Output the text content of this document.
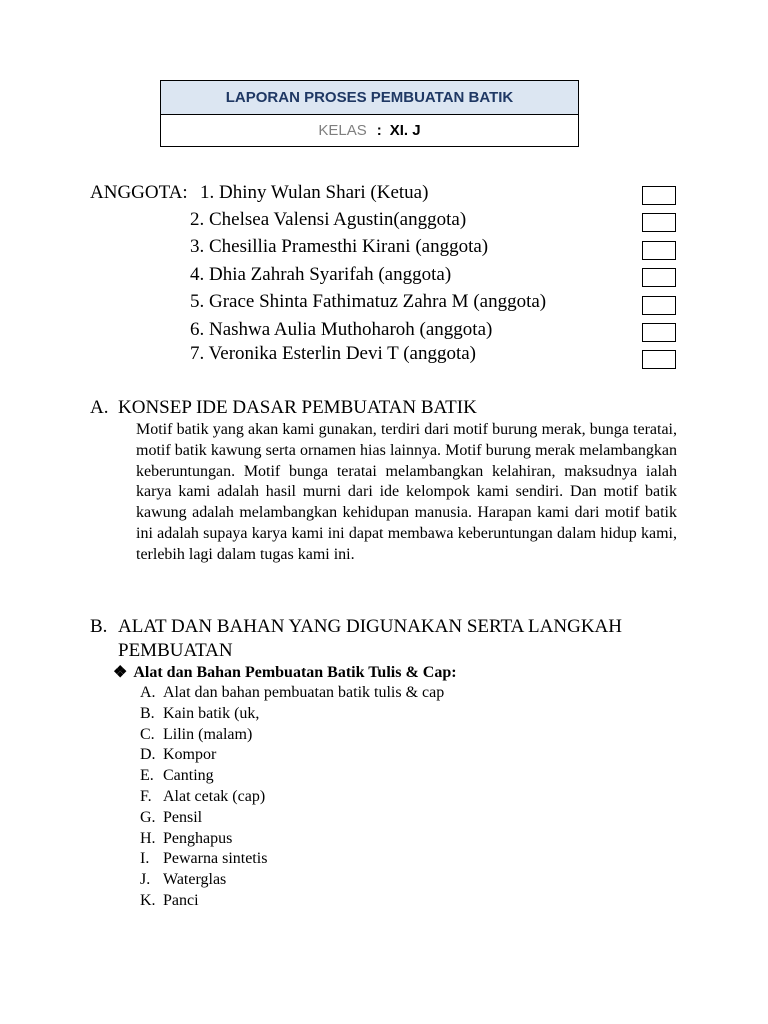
LAPORAN PROSES PEMBUATAN BATIK
KELAS : XI. J
ANGGOTA: 1. Dhiny Wulan Shari (Ketua)
2. Chelsea Valensi Agustin(anggota)
3. Chesillia Pramesthi Kirani (anggota)
4. Dhia Zahrah Syarifah (anggota)
5. Grace Shinta Fathimatuz Zahra M (anggota)
6. Nashwa Aulia Muthoharoh (anggota)
7. Veronika Esterlin Devi T (anggota)
A. KONSEP IDE DASAR PEMBUATAN BATIK
Motif batik yang akan kami gunakan, terdiri dari motif burung merak, bunga teratai, motif batik kawung serta ornamen hias lainnya. Motif burung merak melambangkan keberuntungan. Motif bunga teratai melambangkan kelahiran, maksudnya ialah karya kami adalah hasil murni dari ide kelompok kami sendiri. Dan motif batik kawung adalah melambangkan kehidupan manusia. Harapan kami dari motif batik ini adalah supaya karya kami ini dapat membawa keberuntungan dalam hidup kami, terlebih lagi dalam tugas kami ini.
B. ALAT DAN BAHAN YANG DIGUNAKAN SERTA LANGKAH
PEMBUATAN
❖ Alat dan Bahan Pembuatan Batik Tulis & Cap:
A. Alat dan bahan pembuatan batik tulis & cap
B. Kain batik (uk,
C. Lilin (malam)
D. Kompor
E. Canting
F. Alat cetak (cap)
G. Pensil
H. Penghapus
I. Pewarna sintetis
J. Waterglas
K. Panci
